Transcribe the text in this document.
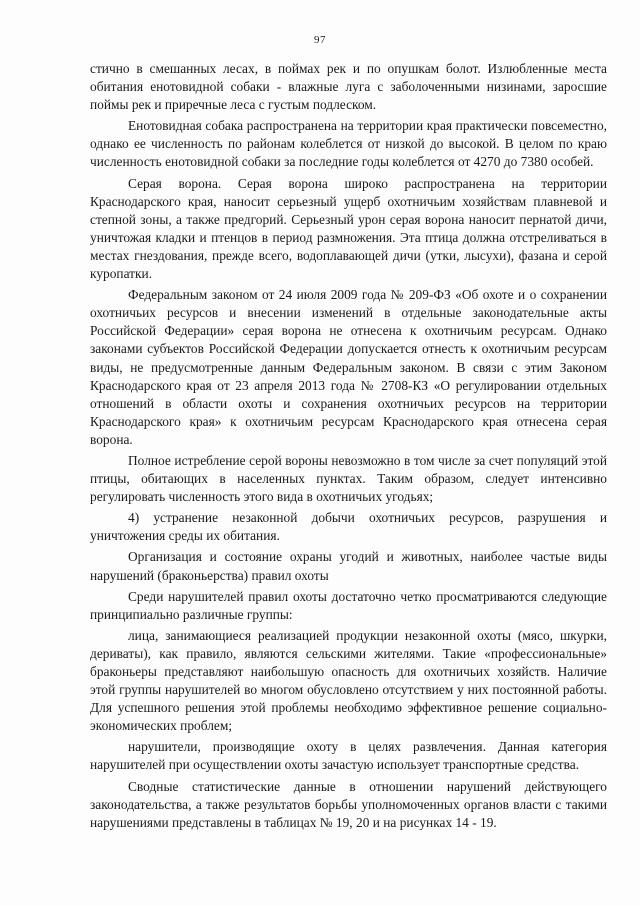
97

стично в смешанных лесах, в поймах рек и по опушкам болот. Излюбленные места обитания енотовидной собаки - влажные луга с заболоченными низинами, заросшие поймы рек и приречные леса с густым подлеском.

Енотовидная собака распространена на территории края практически повсеместно, однако ее численность по районам колеблется от низкой до высокой. В целом по краю численность енотовидной собаки за последние годы колеблется от 4270 до 7380 особей.

Серая ворона. Серая ворона широко распространена на территории Краснодарского края, наносит серьезный ущерб охотничьим хозяйствам плавневой и степной зоны, а также предгорий. Серьезный урон серая ворона наносит пернатой дичи, уничтожая кладки и птенцов в период размножения. Эта птица должна отстреливаться в местах гнездования, прежде всего, водоплавающей дичи (утки, лысухи), фазана и серой куропатки.

Федеральным законом от 24 июля 2009 года № 209-ФЗ «Об охоте и о сохранении охотничьих ресурсов и внесении изменений в отдельные законодательные акты Российской Федерации» серая ворона не отнесена к охотничьим ресурсам. Однако законами субъектов Российской Федерации допускается отнесть к охотничьим ресурсам виды, не предусмотренные данным Федеральным законом. В связи с этим Законом Краснодарского края от 23 апреля 2013 года № 2708-КЗ «О регулировании отдельных отношений в области охоты и сохранения охотничьих ресурсов на территории Краснодарского края» к охотничьим ресурсам Краснодарского края отнесена серая ворона.

Полное истребление серой вороны невозможно в том числе за счет популяций этой птицы, обитающих в населенных пунктах. Таким образом, следует интенсивно регулировать численность этого вида в охотничьих угодьях;

4) устранение незаконной добычи охотничьих ресурсов, разрушения и уничтожения среды их обитания.

Организация и состояние охраны угодий и животных, наиболее частые виды нарушений (браконьерства) правил охоты

Среди нарушителей правил охоты достаточно четко просматриваются следующие принципиально различные группы:

лица, занимающиеся реализацией продукции незаконной охоты (мясо, шкурки, дериваты), как правило, являются сельскими жителями. Такие «профессиональные» браконьеры представляют наибольшую опасность для охотничьих хозяйств. Наличие этой группы нарушителей во многом обусловлено отсутствием у них постоянной работы. Для успешного решения этой проблемы необходимо эффективное решение социально-экономических проблем;

нарушители, производящие охоту в целях развлечения. Данная категория нарушителей при осуществлении охоты зачастую использует транспортные средства.

Сводные статистические данные в отношении нарушений действующего законодательства, а также результатов борьбы уполномоченных органов власти с такими нарушениями представлены в таблицах № 19, 20 и на рисунках 14 - 19.
